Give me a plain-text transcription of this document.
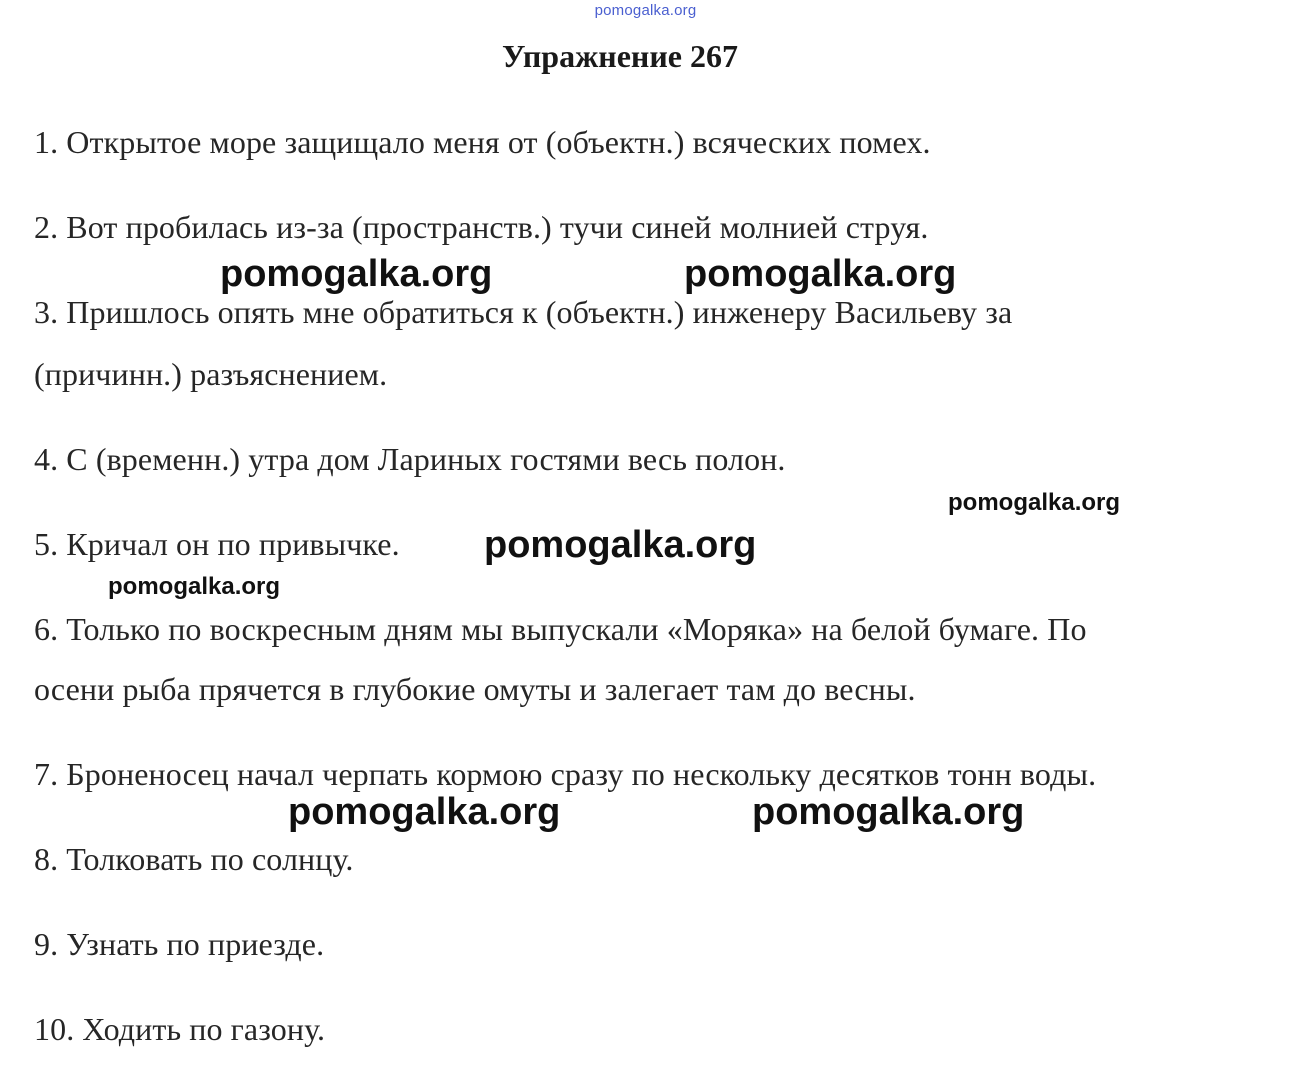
pomogalka.org
Упражнение 267
1. Открытое море защищало меня от (объектн.) всяческих помех.
2. Вот пробилась из-за (пространств.) тучи синей молнией струя.
3. Пришлось опять мне обратиться к (объектн.) инженеру Васильеву за
(причинн.) разъяснением.
4. С (временн.) утра дом Лариных гостями весь полон.
5. Кричал он по привычке.
6. Только по воскресным дням мы выпускали «Моряка» на белой бумаге. По
осени рыба прячется в глубокие омуты и залегает там до весны.
7. Броненосец начал черпать кормою сразу по нескольку десятков тонн воды.
8. Толковать по солнцу.
9. Узнать по приезде.
10. Ходить по газону.
pomogalka.org	pomogalka.org
pomogalka.org
pomogalka.org
pomogalka.org
pomogalka.org	pomogalka.org
